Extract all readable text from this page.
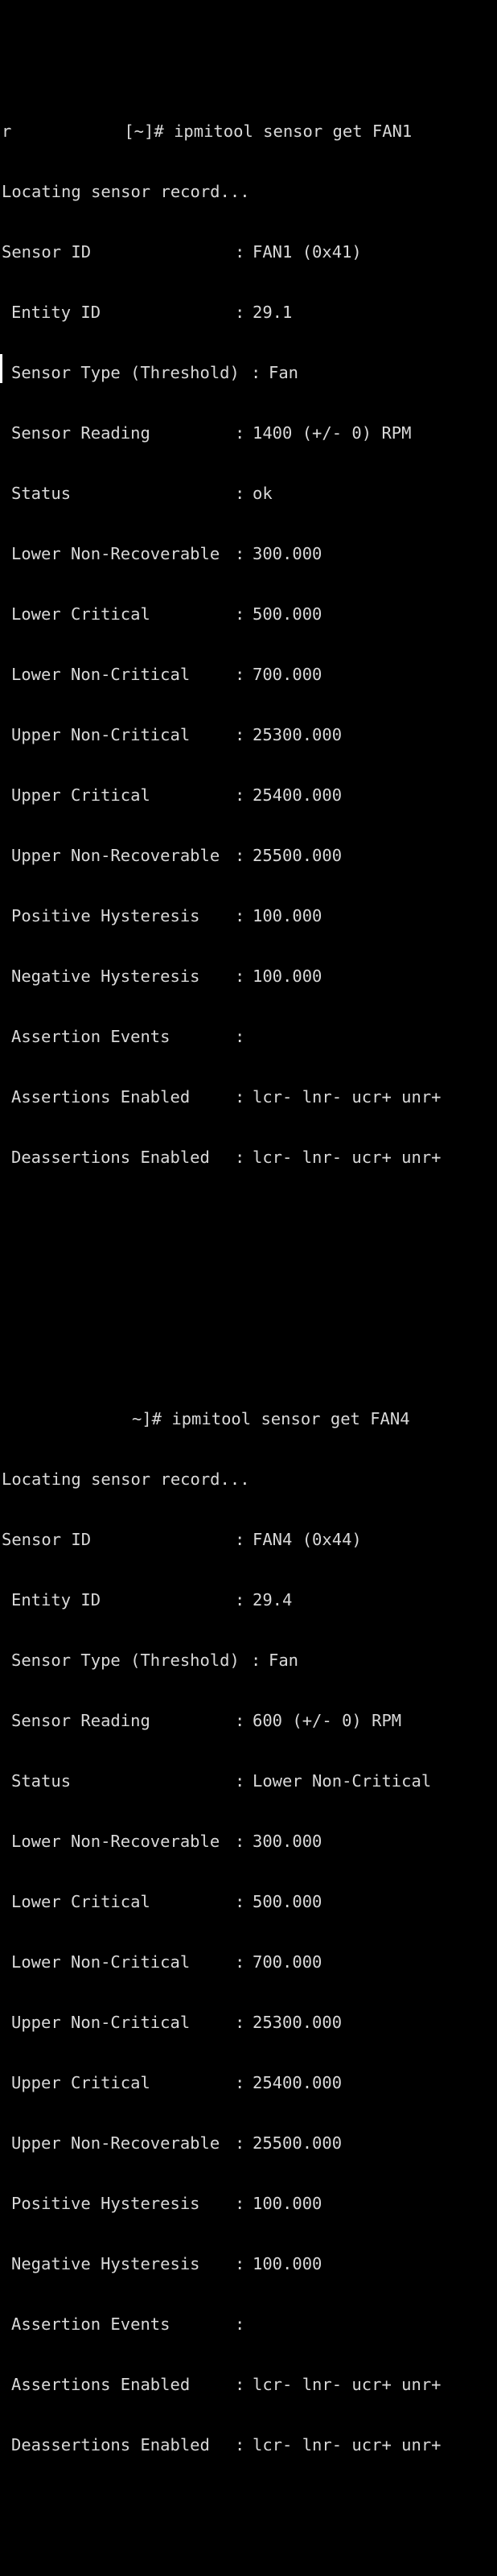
r	[~]# ipmitool sensor get FAN1

Locating sensor record...

Sensor ID	: FAN1 (0x41)

Entity ID	: 29.1

Sensor Type (Threshold) : Fan

Sensor Reading	: 1400 (+/- 0) RPM

Status	: ok

Lower Non-Recoverable : 300.000

Lower Critical	: 500.000

Lower Non-Critical	: 700.000

Upper Non-Critical	: 25300.000

Upper Critical	: 25400.000

Upper Non-Recoverable : 25500.000

Positive Hysteresis	: 100.000

Negative Hysteresis	: 100.000

Assertion Events	:

Assertions Enabled	: lcr- lnr- ucr+ unr+

Deassertions Enabled	: lcr- lnr- ucr+ unr+

~]# ipmitool sensor get FAN4

Locating sensor record...

Sensor ID	: FAN4 (0x44)

Entity ID	: 29.4

Sensor Type (Threshold) : Fan

Sensor Reading	: 600 (+/- 0) RPM

Status	: Lower Non-Critical

Lower Non-Recoverable : 300.000

Lower Critical	: 500.000

Lower Non-Critical	: 700.000

Upper Non-Critical	: 25300.000

Upper Critical	: 25400.000

Upper Non-Recoverable : 25500.000

Positive Hysteresis	: 100.000

Negative Hysteresis	: 100.000

Assertion Events	:

Assertions Enabled	: lcr- lnr- ucr+ unr+

Deassertions Enabled	: lcr- lnr- ucr+ unr+
